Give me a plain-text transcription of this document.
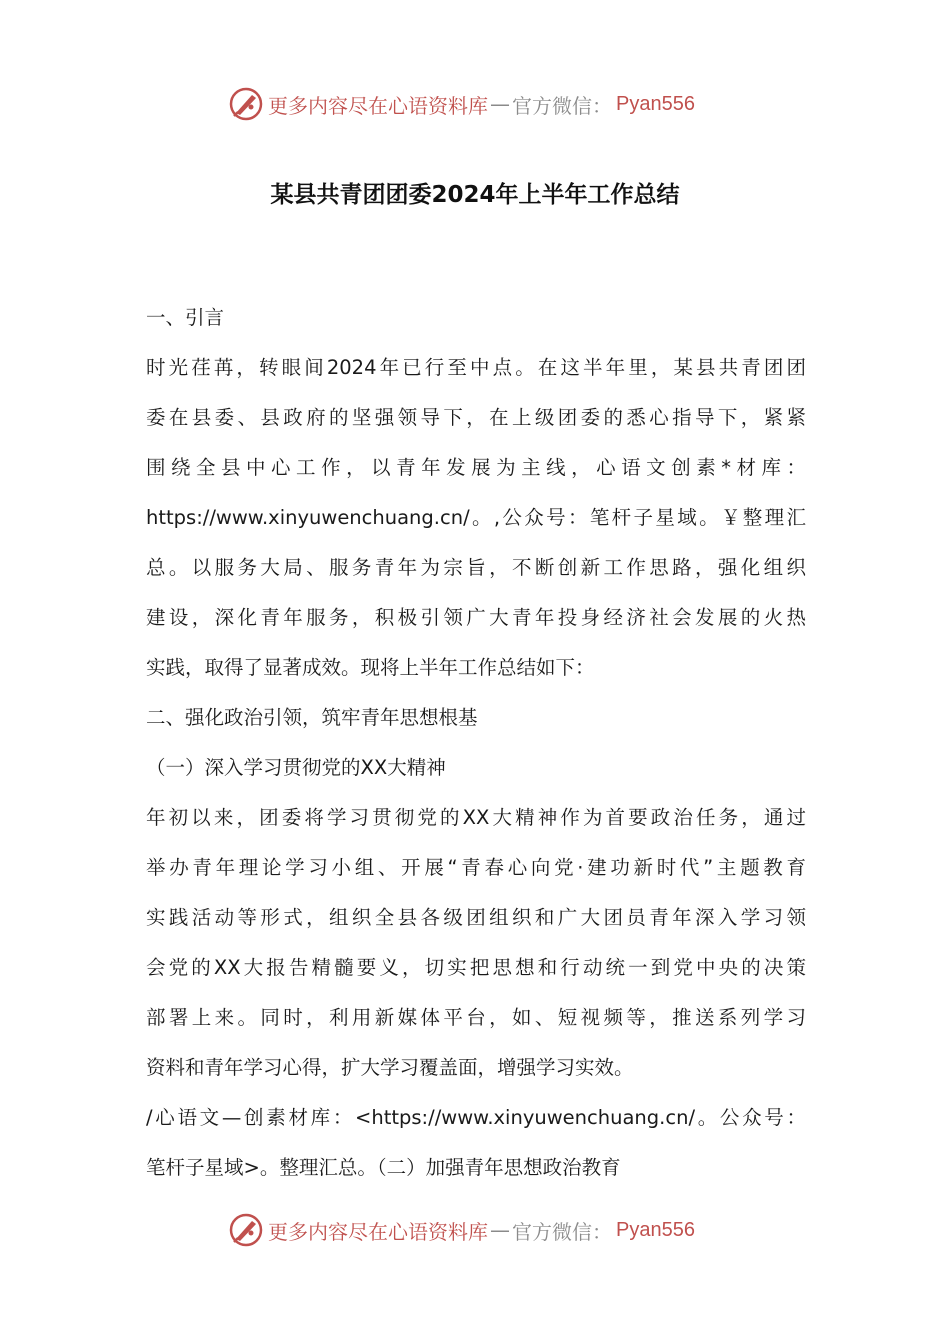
更多内容尽在心语资料库 — 官方微信： Pyan556
某县共青团团委2024年上半年工作总结
一、引言
时光荏苒，转眼间2024年已行至中点。在这半年里，某县共青团团
委在县委、县政府的坚强领导下，在上级团委的悉心指导下，紧紧
围绕全县中心工作，以青年发展为主线，心语文创素*材库：
https://www.xinyuwenchuang.cn/。,公众号：笔杆子星域。￥整理汇
总。以服务大局、服务青年为宗旨，不断创新工作思路，强化组织
建设，深化青年服务，积极引领广大青年投身经济社会发展的火热
实践，取得了显著成效。现将上半年工作总结如下：
二、强化政治引领，筑牢青年思想根基
（一）深入学习贯彻党的XX大精神
年初以来，团委将学习贯彻党的XX大精神作为首要政治任务，通过
举办青年理论学习小组、开展“青春心向党·建功新时代”主题教育
实践活动等形式，组织全县各级团组织和广大团员青年深入学习领
会党的XX大报告精髓要义，切实把思想和行动统一到党中央的决策
部署上来。同时，利用新媒体平台，如、短视频等，推送系列学习
资料和青年学习心得，扩大学习覆盖面，增强学习实效。
/心语文—创素材库：<https://www.xinyuwenchuang.cn/。公众号：
笔杆子星域>。整理汇总。（二）加强青年思想政治教育
更多内容尽在心语资料库 — 官方微信： Pyan556
